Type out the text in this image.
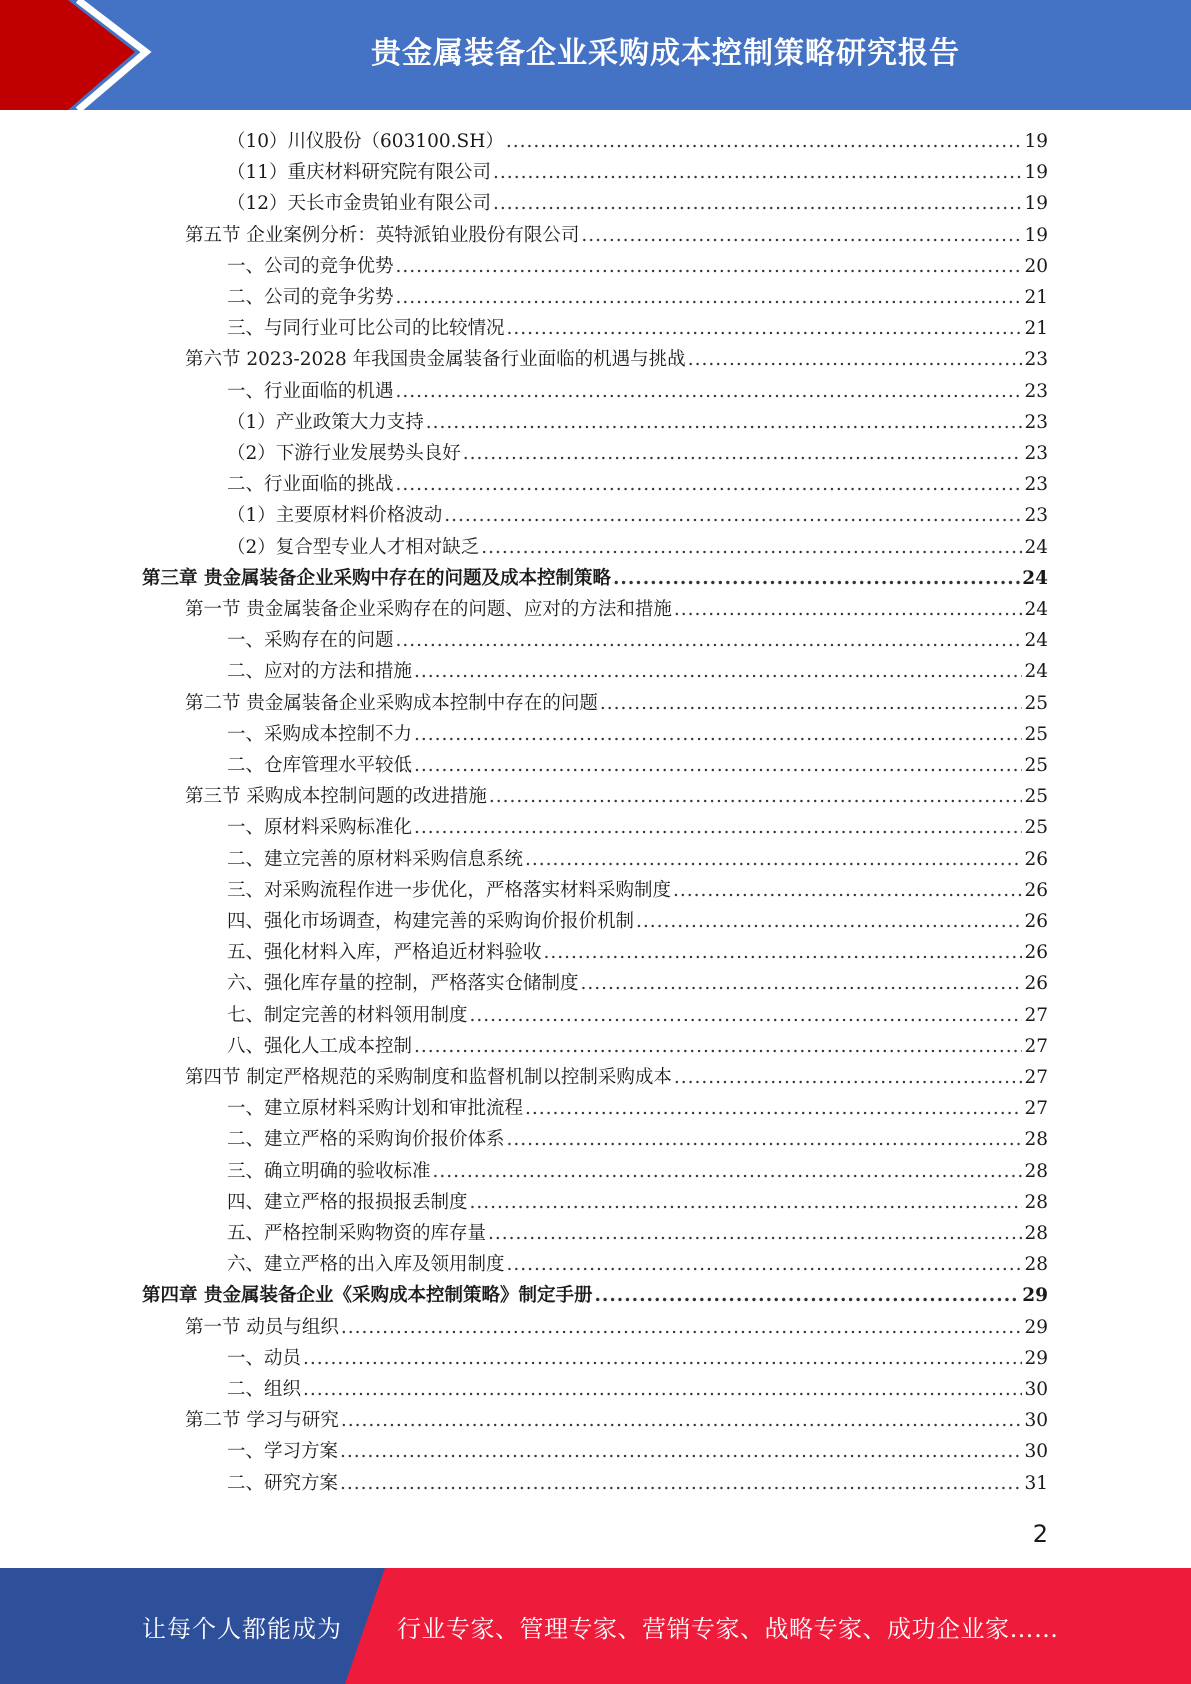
贵金属装备企业采购成本控制策略研究报告
（10）川仪股份（603100.SH） .....	19
（11）重庆材料研究院有限公司 .....	19
（12）天长市金贵铂业有限公司 .....	19
第五节 企业案例分析：英特派铂业股份有限公司 .....	19
一、公司的竞争优势 .....	20
二、公司的竞争劣势 .....	21
三、与同行业可比公司的比较情况 .....	21
第六节 2023-2028 年我国贵金属装备行业面临的机遇与挑战 .....	23
一、行业面临的机遇 .....	23
（1）产业政策大力支持 .....	23
（2）下游行业发展势头良好 .....	23
二、行业面临的挑战 .....	23
（1）主要原材料价格波动 .....	23
（2）复合型专业人才相对缺乏 .....	24
第三章 贵金属装备企业采购中存在的问题及成本控制策略 .....	24
第一节 贵金属装备企业采购存在的问题、应对的方法和措施 .....	24
一、采购存在的问题 .....	24
二、应对的方法和措施 .....	24
第二节 贵金属装备企业采购成本控制中存在的问题 .....	25
一、采购成本控制不力 .....	25
二、仓库管理水平较低 .....	25
第三节 采购成本控制问题的改进措施 .....	25
一、原材料采购标准化 .....	25
二、建立完善的原材料采购信息系统 .....	26
三、对采购流程作进一步优化，严格落实材料采购制度 .....	26
四、强化市场调查，构建完善的采购询价报价机制 .....	26
五、强化材料入库，严格追近材料验收 .....	26
六、强化库存量的控制，严格落实仓储制度 .....	26
七、制定完善的材料领用制度 .....	27
八、强化人工成本控制 .....	27
第四节 制定严格规范的采购制度和监督机制以控制采购成本 .....	27
一、建立原材料采购计划和审批流程 .....	27
二、建立严格的采购询价报价体系 .....	28
三、确立明确的验收标准 .....	28
四、建立严格的报损报丢制度 .....	28
五、严格控制采购物资的库存量 .....	28
六、建立严格的出入库及领用制度 .....	28
第四章 贵金属装备企业《采购成本控制策略》制定手册 .....	29
第一节 动员与组织 .....	29
一、动员 .....	29
二、组织 .....	30
第二节 学习与研究 .....	30
一、学习方案 .....	30
二、研究方案 .....	31
2
让每个人都能成为 行业专家、管理专家、营销专家、战略专家、成功企业家……
